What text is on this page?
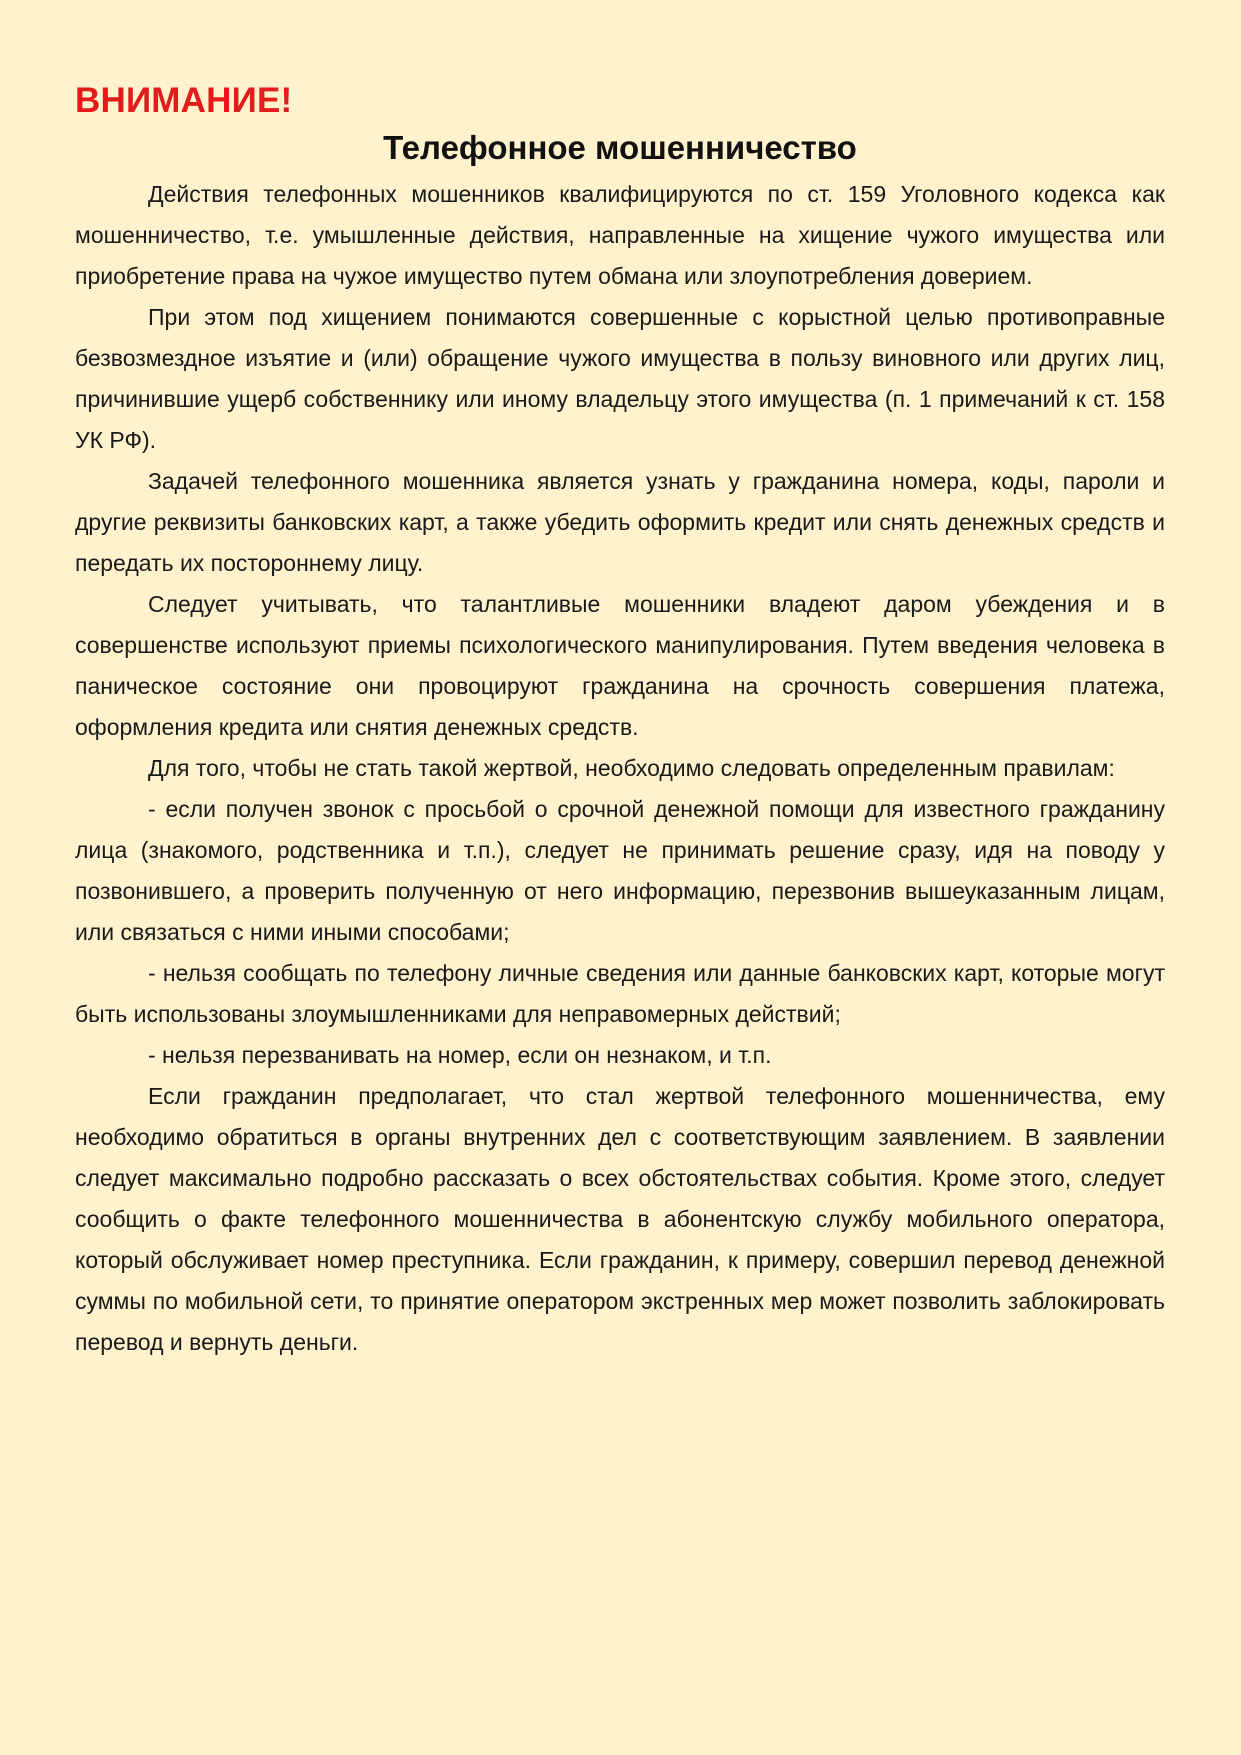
ВНИМАНИЕ!
Телефонное мошенничество

Действия телефонных мошенников квалифицируются по ст. 159 Уголовного кодекса как мошенничество, т.е. умышленные действия, направленные на хищение чужого имущества или приобретение права на чужое имущество путем обмана или злоупотребления доверием.

При этом под хищением понимаются совершенные с корыстной целью противоправные безвозмездное изъятие и (или) обращение чужого имущества в пользу виновного или других лиц, причинившие ущерб собственнику или иному владельцу этого имущества (п. 1 примечаний к ст. 158 УК РФ).

Задачей телефонного мошенника является узнать у гражданина номера, коды, пароли и другие реквизиты банковских карт, а также убедить оформить кредит или снять денежных средств и передать их постороннему лицу.

Следует учитывать, что талантливые мошенники владеют даром убеждения и в совершенстве используют приемы психологического манипулирования. Путем введения человека в паническое состояние они провоцируют гражданина на срочность совершения платежа, оформления кредита или снятия денежных средств.

Для того, чтобы не стать такой жертвой, необходимо следовать определенным правилам:

- если получен звонок с просьбой о срочной денежной помощи для известного гражданину лица (знакомого, родственника и т.п.), следует не принимать решение сразу, идя на поводу у позвонившего, а проверить полученную от него информацию, перезвонив вышеуказанным лицам, или связаться с ними иными способами;

- нельзя сообщать по телефону личные сведения или данные банковских карт, которые могут быть использованы злоумышленниками для неправомерных действий;

- нельзя перезванивать на номер, если он незнаком, и т.п.

Если гражданин предполагает, что стал жертвой телефонного мошенничества, ему необходимо обратиться в органы внутренних дел с соответствующим заявлением. В заявлении следует максимально подробно рассказать о всех обстоятельствах события. Кроме этого, следует сообщить о факте телефонного мошенничества в абонентскую службу мобильного оператора, который обслуживает номер преступника. Если гражданин, к примеру, совершил перевод денежной суммы по мобильной сети, то принятие оператором экстренных мер может позволить заблокировать перевод и вернуть деньги.
